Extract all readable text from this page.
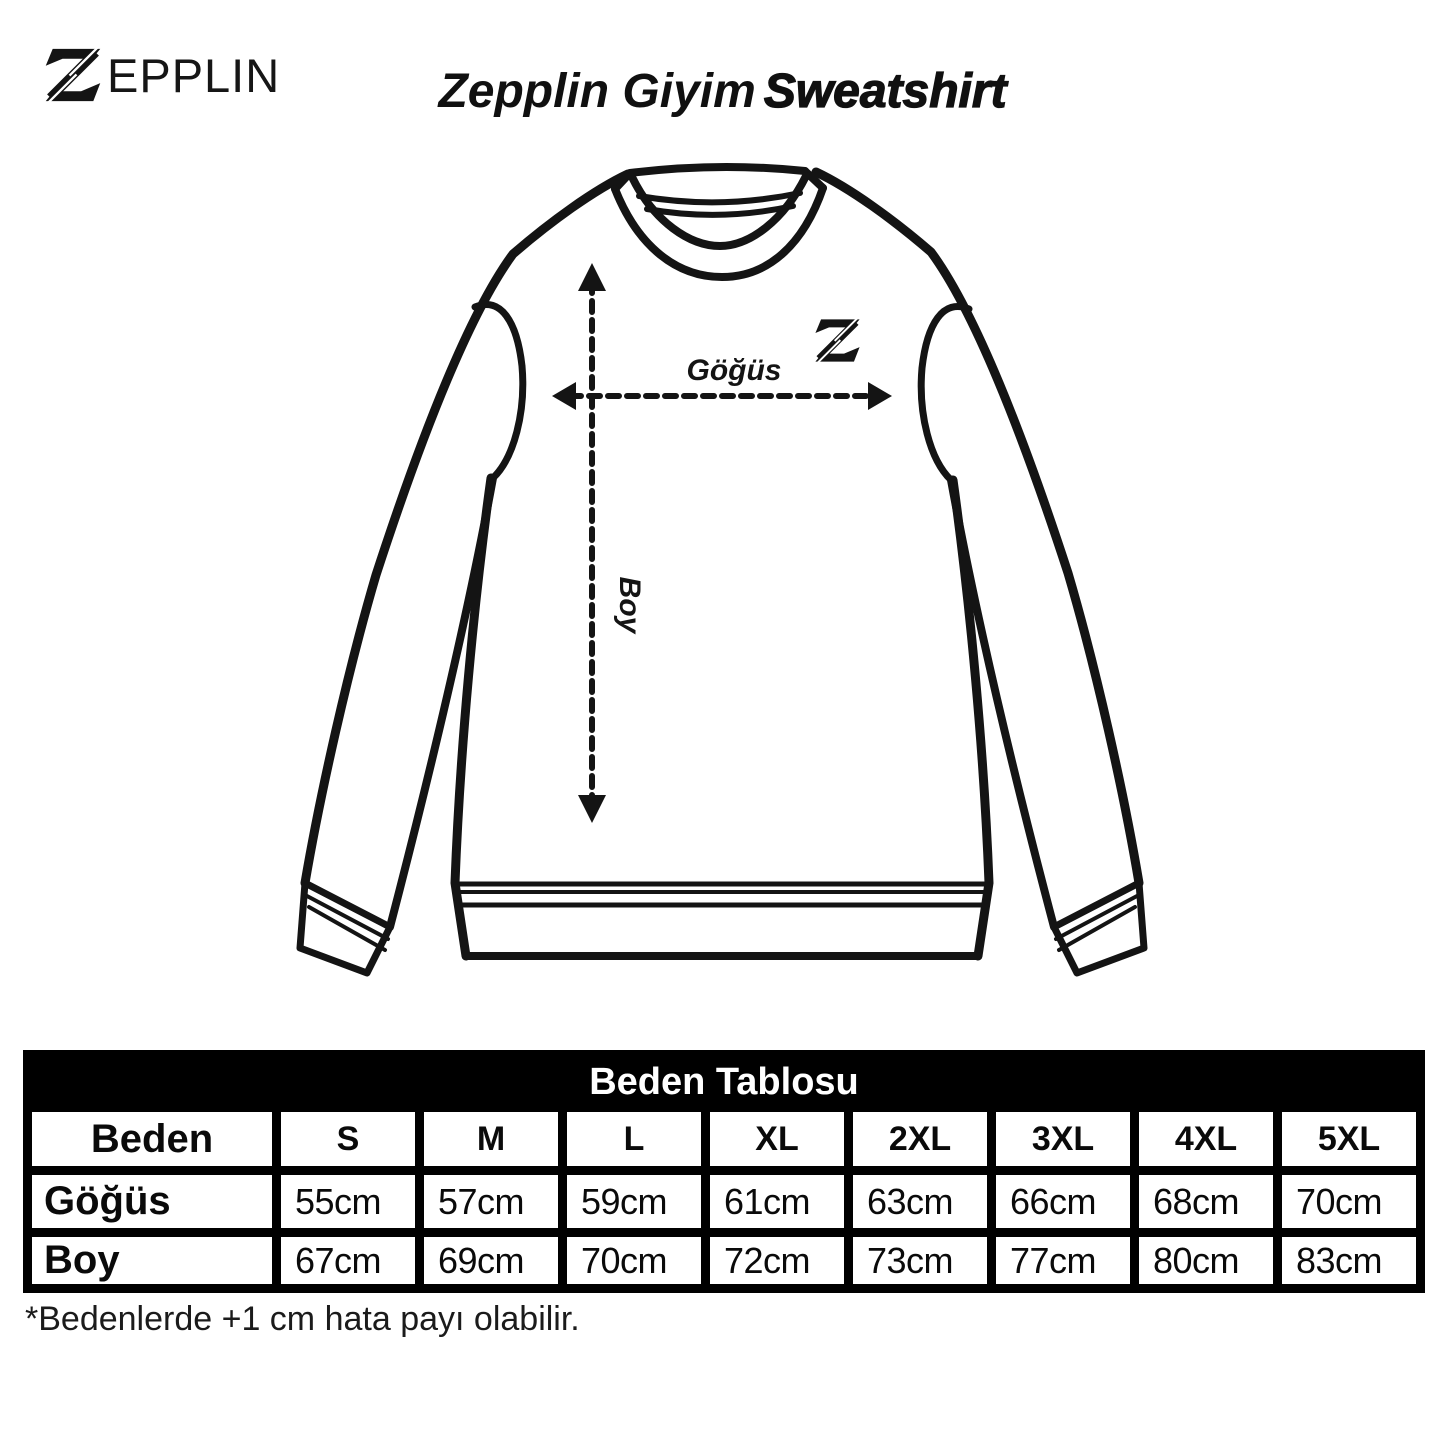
EPPLIN	Zepplin Giyim Sweatshirt
Göğüs
Boy
Beden Tablosu
Beden	S	M	L	XL	2XL	3XL	4XL	5XL
Göğüs	55cm	57cm	59cm	61cm	63cm	66cm	68cm	70cm
Boy	67cm	69cm	70cm	72cm	73cm	77cm	80cm	83cm

*Bedenlerde +1 cm hata payı olabilir.
